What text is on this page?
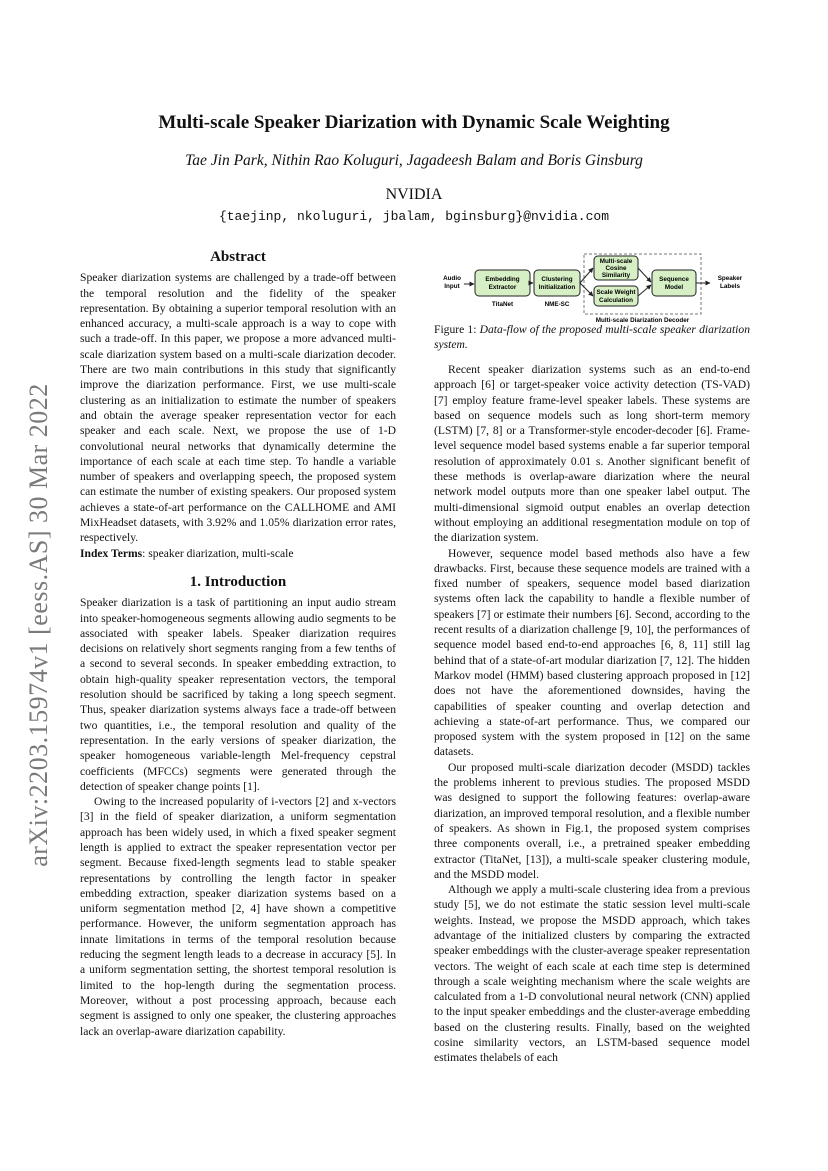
arXiv:2203.15974v1 [eess.AS] 30 Mar 2022
Multi-scale Speaker Diarization with Dynamic Scale Weighting
Tae Jin Park, Nithin Rao Koluguri, Jagadeesh Balam and Boris Ginsburg
NVIDIA
{taejinp, nkoluguri, jbalam, bginsburg}@nvidia.com
Abstract

Speaker diarization systems are challenged by a trade-off between the temporal resolution and the fidelity of the speaker representation. By obtaining a superior temporal resolution with an enhanced accuracy, a multi-scale approach is a way to cope with such a trade-off. In this paper, we propose a more advanced multi-scale diarization system based on a multi-scale diarization decoder. There are two main contributions in this study that significantly improve the diarization performance. First, we use multi-scale clustering as an initialization to estimate the number of speakers and obtain the average speaker representation vector for each speaker and each scale. Next, we propose the use of 1-D convolutional neural networks that dynamically determine the importance of each scale at each time step. To handle a variable number of speakers and overlapping speech, the proposed system can estimate the number of existing speakers. Our proposed system achieves a state-of-art performance on the CALLHOME and AMI MixHeadset datasets, with 3.92% and 1.05% diarization error rates, respectively.

Index Terms: speaker diarization, multi-scale

1. Introduction

Speaker diarization is a task of partitioning an input audio stream into speaker-homogeneous segments allowing audio segments to be associated with speaker labels. Speaker diarization requires decisions on relatively short segments ranging from a few tenths of a second to several seconds. In speaker embedding extraction, to obtain high-quality speaker representation vectors, the temporal resolution should be sacrificed by taking a long speech segment. Thus, speaker diarization systems always face a trade-off between two quantities, i.e., the temporal resolution and quality of the representation. In the early versions of speaker diarization, the speaker homogeneous variable-length Mel-frequency cepstral coefficients (MFCCs) segments were generated through the detection of speaker change points [1].

Owing to the increased popularity of i-vectors [2] and x-vectors [3] in the field of speaker diarization, a uniform segmentation approach has been widely used, in which a fixed speaker segment length is applied to extract the speaker representation vector per segment. Because fixed-length segments lead to stable speaker representations by controlling the length factor in speaker embedding extraction, speaker diarization systems based on a uniform segmentation method [2, 4] have shown a competitive performance. However, the uniform segmentation approach has innate limitations in terms of the temporal resolution because reducing the segment length leads to a decrease in accuracy [5]. In a uniform segmentation setting, the shortest temporal resolution is limited to the hop-length during the segmentation process. Moreover, without a post processing approach, because each segment is assigned to only one speaker, the clustering approaches lack an overlap-aware diarization capability.

Audio Input
Embedding Extractor
TitaNet
Clustering Initialization
NME-SC
Multi-scale Cosine Similarity
Scale Weight Calculation
Sequence Model
Speaker Labels
Multi-scale Diarization Decoder
Figure 1: Data-flow of the proposed multi-scale speaker diarization system.

Recent speaker diarization systems such as an end-to-end approach [6] or target-speaker voice activity detection (TS-VAD) [7] employ feature frame-level speaker labels. These systems are based on sequence models such as long short-term memory (LSTM) [7, 8] or a Transformer-style encoder-decoder [6]. Frame-level sequence model based systems enable a far superior temporal resolution of approximately 0.01 s. Another significant benefit of these methods is overlap-aware diarization where the neural network model outputs more than one speaker label output. The multi-dimensional sigmoid output enables an overlap detection without employing an additional resegmentation module on top of the diarization system.

However, sequence model based methods also have a few drawbacks. First, because these sequence models are trained with a fixed number of speakers, sequence model based diarization systems often lack the capability to handle a flexible number of speakers [7] or estimate their numbers [6]. Second, according to the recent results of a diarization challenge [9, 10], the performances of sequence model based end-to-end approaches [6, 8, 11] still lag behind that of a state-of-art modular diarization [7, 12]. The hidden Markov model (HMM) based clustering approach proposed in [12] does not have the aforementioned downsides, having the capabilities of speaker counting and overlap detection and achieving a state-of-art performance. Thus, we compared our proposed system with the system proposed in [12] on the same datasets.

Our proposed multi-scale diarization decoder (MSDD) tackles the problems inherent to previous studies. The proposed MSDD was designed to support the following features: overlap-aware diarization, an improved temporal resolution, and a flexible number of speakers. As shown in Fig.1, the proposed system comprises three components overall, i.e., a pretrained speaker embedding extractor (TitaNet, [13]), a multi-scale speaker clustering module, and the MSDD model.

Although we apply a multi-scale clustering idea from a previous study [5], we do not estimate the static session level multi-scale weights. Instead, we propose the MSDD approach, which takes advantage of the initialized clusters by comparing the extracted speaker embeddings with the cluster-average speaker representation vectors. The weight of each scale at each time step is determined through a scale weighting mechanism where the scale weights are calculated from a 1-D convolutional neural network (CNN) applied to the input speaker embeddings and the cluster-average embedding based on the clustering results. Finally, based on the weighted cosine similarity vectors, an LSTM-based sequence model estimates thelabels of each
